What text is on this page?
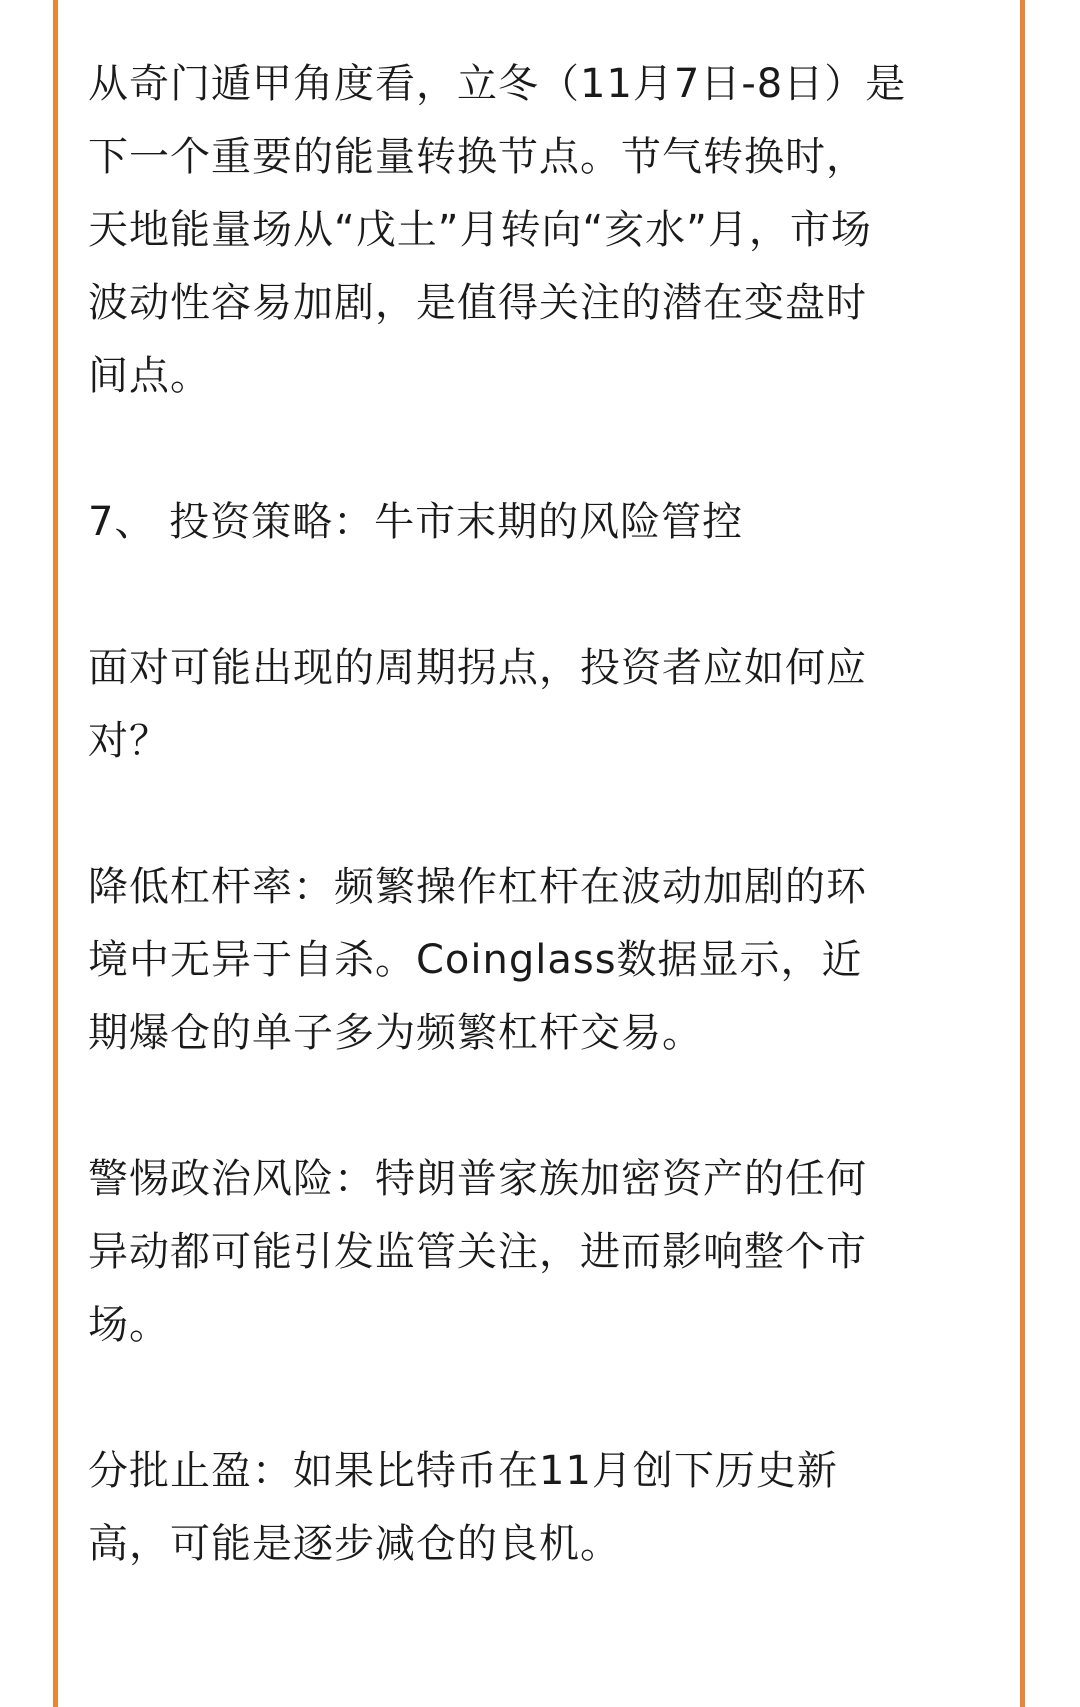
从奇门遁甲角度看，立冬（11月7日-8日）是
下一个重要的能量转换节点。节气转换时，
天地能量场从“戊土”月转向“亥水”月，市场
波动性容易加剧，是值得关注的潜在变盘时
间点。

7、 投资策略：牛市末期的风险管控

面对可能出现的周期拐点，投资者应如何应
对？

降低杠杆率：频繁操作杠杆在波动加剧的环
境中无异于自杀。Coinglass数据显示，近
期爆仓的单子多为频繁杠杆交易。

警惕政治风险：特朗普家族加密资产的任何
异动都可能引发监管关注，进而影响整个市
场。

分批止盈：如果比特币在11月创下历史新
高，可能是逐步减仓的良机。
